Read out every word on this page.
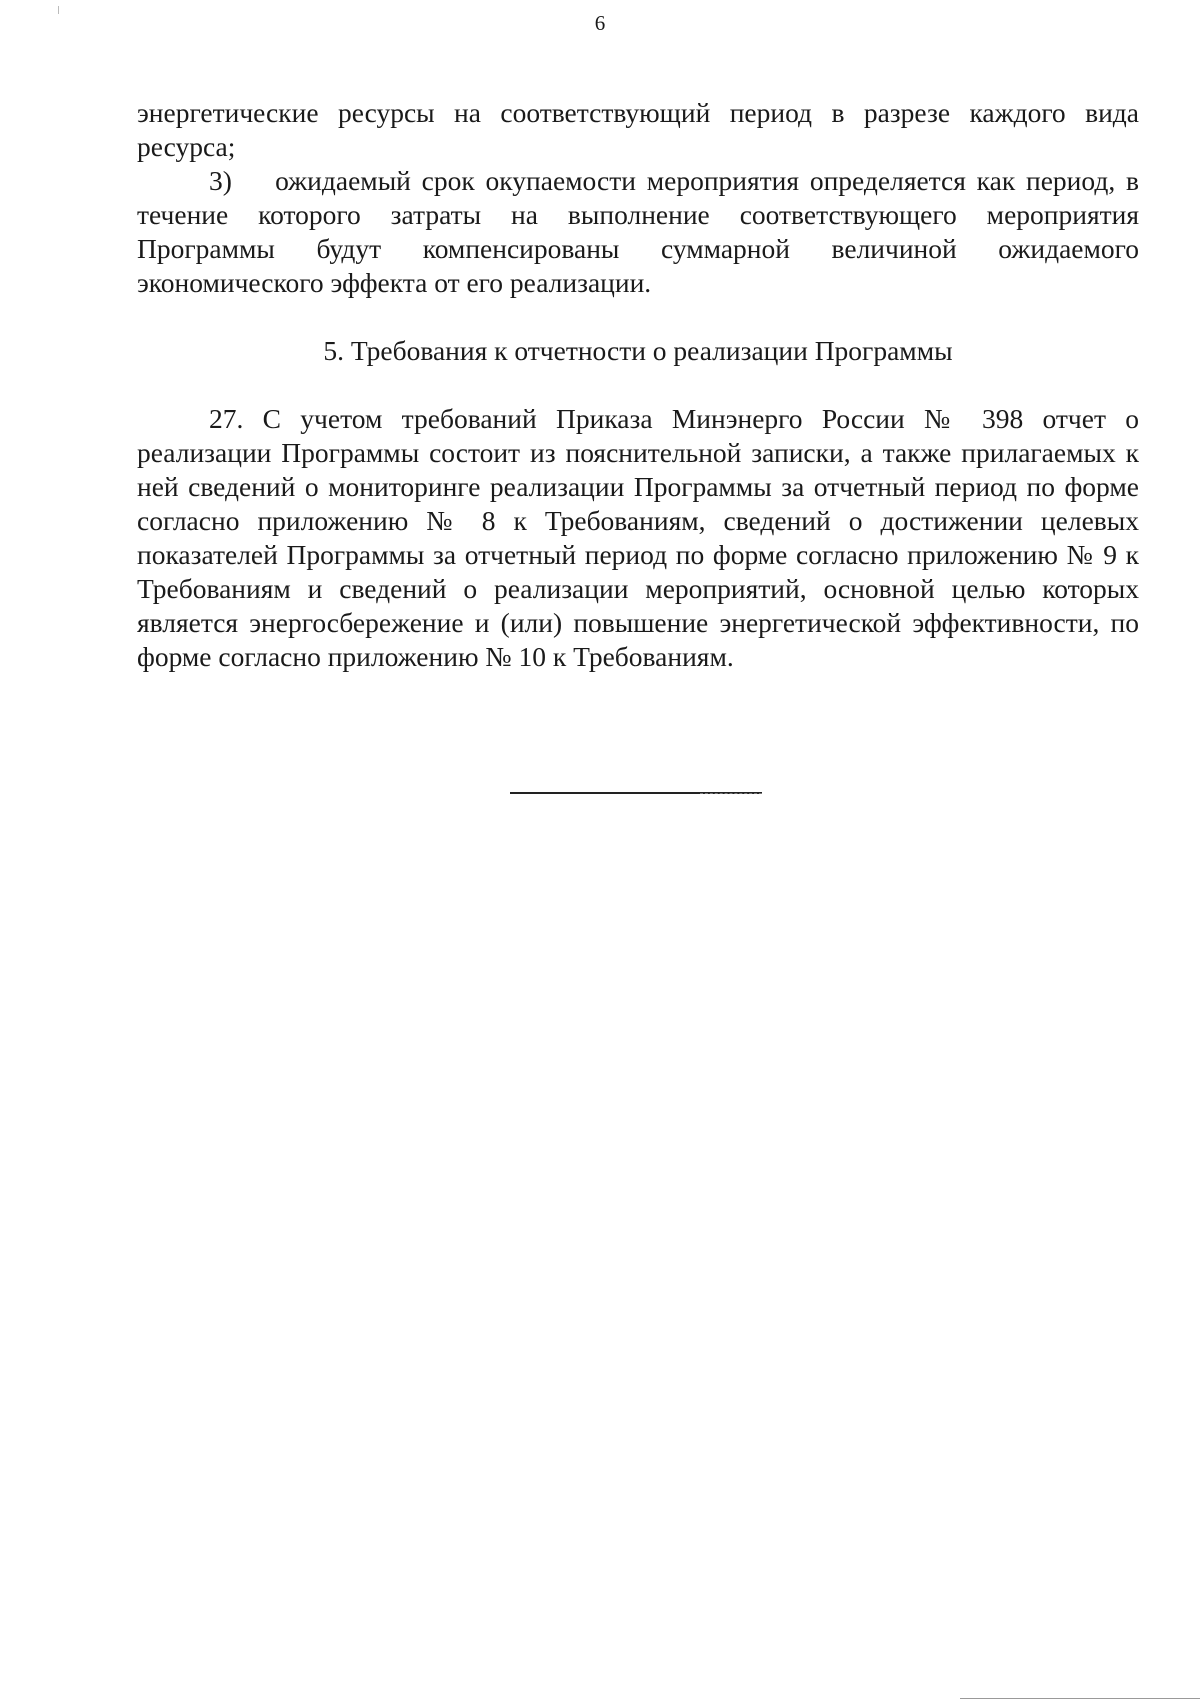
6

энергетические ресурсы на соответствующий период в разрезе каждого вида ресурса;

3)    ожидаемый срок окупаемости мероприятия определяется как период, в течение которого затраты на выполнение соответствующего мероприятия Программы будут компенсированы суммарной величиной ожидаемого экономического эффекта от его реализации.

5. Требования к отчетности о реализации Программы

27. С учетом требований Приказа Минэнерго России № 398 отчет о реализации Программы состоит из пояснительной записки, а также прилагаемых к ней сведений о мониторинге реализации Программы за отчетный период по форме согласно приложению № 8 к Требованиям, сведений о достижении целевых показателей Программы за отчетный период по форме согласно приложению № 9 к Требованиям и сведений о реализации мероприятий, основной целью которых является энергосбережение и (или) повышение энергетической эффективности, по форме согласно приложению № 10 к Требованиям.
